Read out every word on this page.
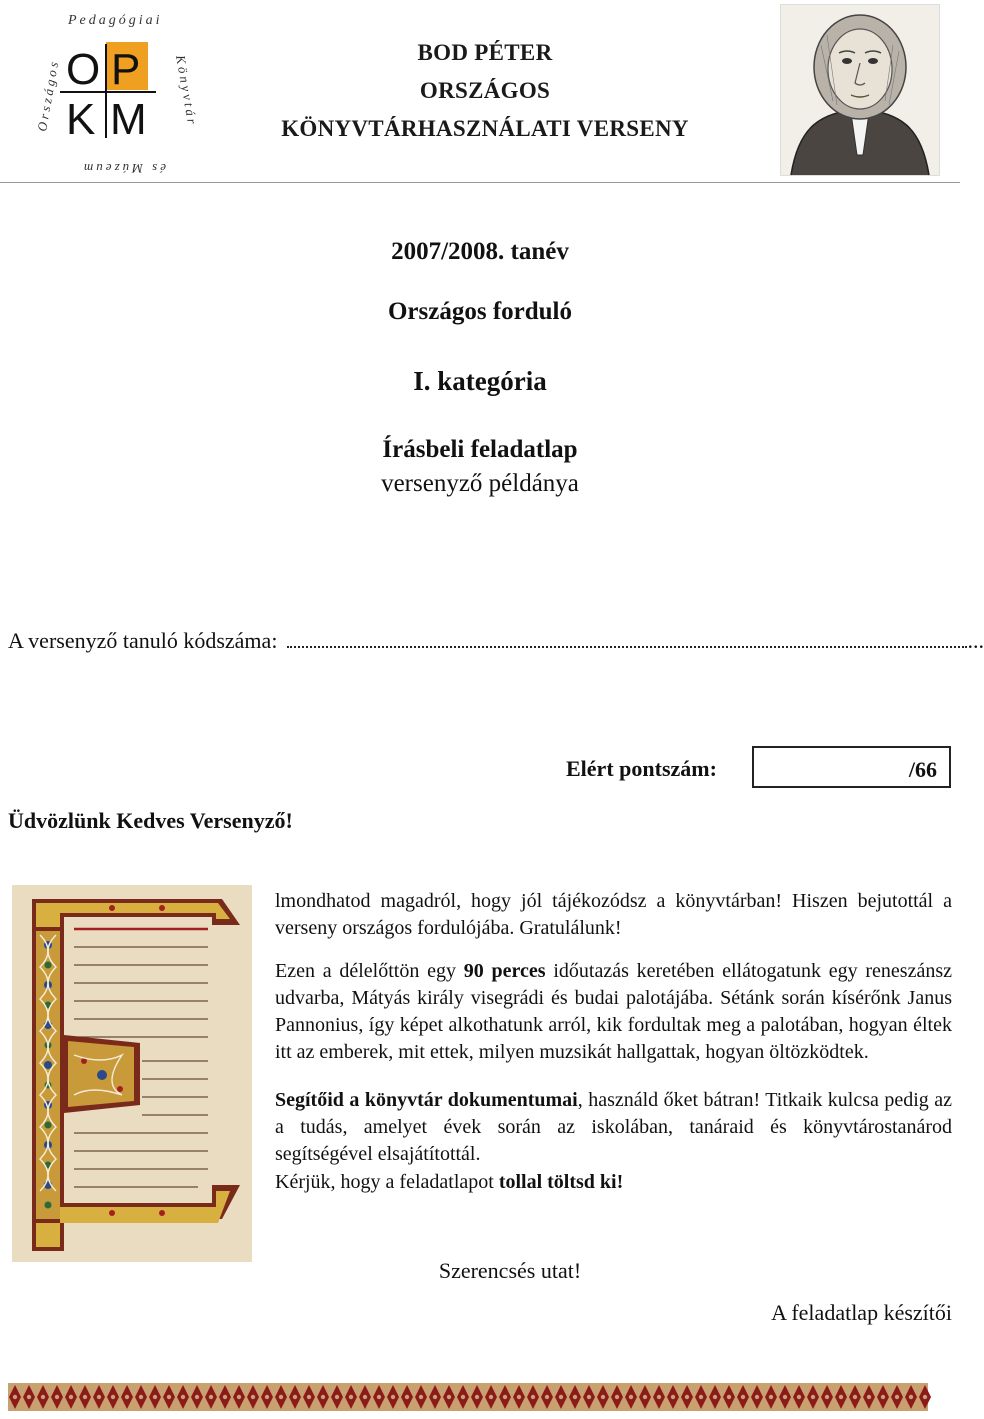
Pedagógiai
Országos	Könyvtár
és Múzeum
O P
K M
BOD PÉTER
ORSZÁGOS
KÖNYVTÁRHASZNÁLATI VERSENY
2007/2008. tanév
Országos forduló
I. kategória
Írásbeli feladatlap
versenyző példánya
A versenyző tanuló kódszáma:	...
Elért pontszám:	/66
Üdvözlünk Kedves Versenyző!

lmondhatod magadról, hogy jól tájékozódsz a könyvtárban! Hiszen bejutottál a verseny országos fordulójába. Gratulálunk!

Ezen a délelőttön egy 90 perces időutazás keretében ellátogatunk egy reneszánsz udvarba, Mátyás király visegrádi és budai palotájába. Sétánk során kísérőnk Janus Pannonius, így képet alkothatunk arról, kik fordultak meg a palotában, hogyan éltek itt az emberek, mit ettek, milyen muzsikát hallgattak, hogyan öltözködtek.

Segítőid a könyvtár dokumentumai, használd őket bátran! Titkaik kulcsa pedig az a tudás, amelyet évek során az iskolában, tanáraid és könyvtárostanárod segítségével elsajátítottál.

Kérjük, hogy a feladatlapot tollal töltsd ki!

Szerencsés utat!
A feladatlap készítői
